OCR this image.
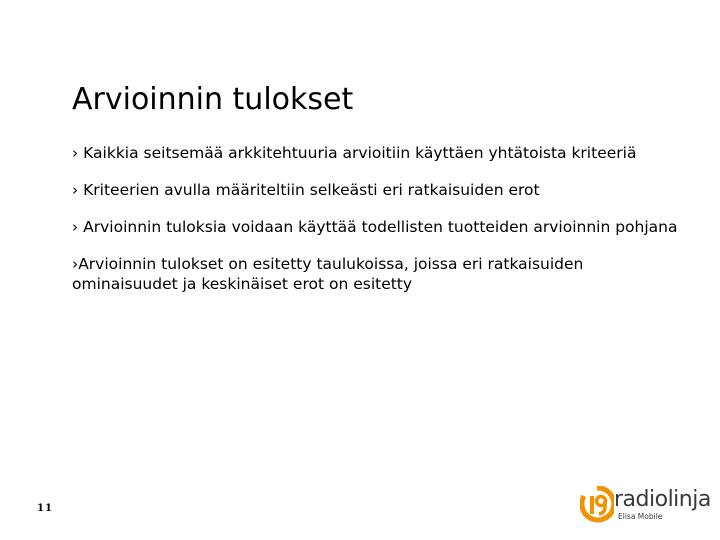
Arvioinnin tulokset
› Kaikkia seitsemää arkkitehtuuria arvioitiin käyttäen yhtätoista kriteeriä
› Kriteerien avulla määriteltiin selkeästi eri ratkaisuiden erot
› Arvioinnin tuloksia voidaan käyttää todellisten tuotteiden arvioinnin pohjana
›Arvioinnin tulokset on esitetty taulukoissa, joissa eri ratkaisuiden ominaisuudet ja keskinäiset erot on esitetty
11	radiolinja
Elisa Mobile
